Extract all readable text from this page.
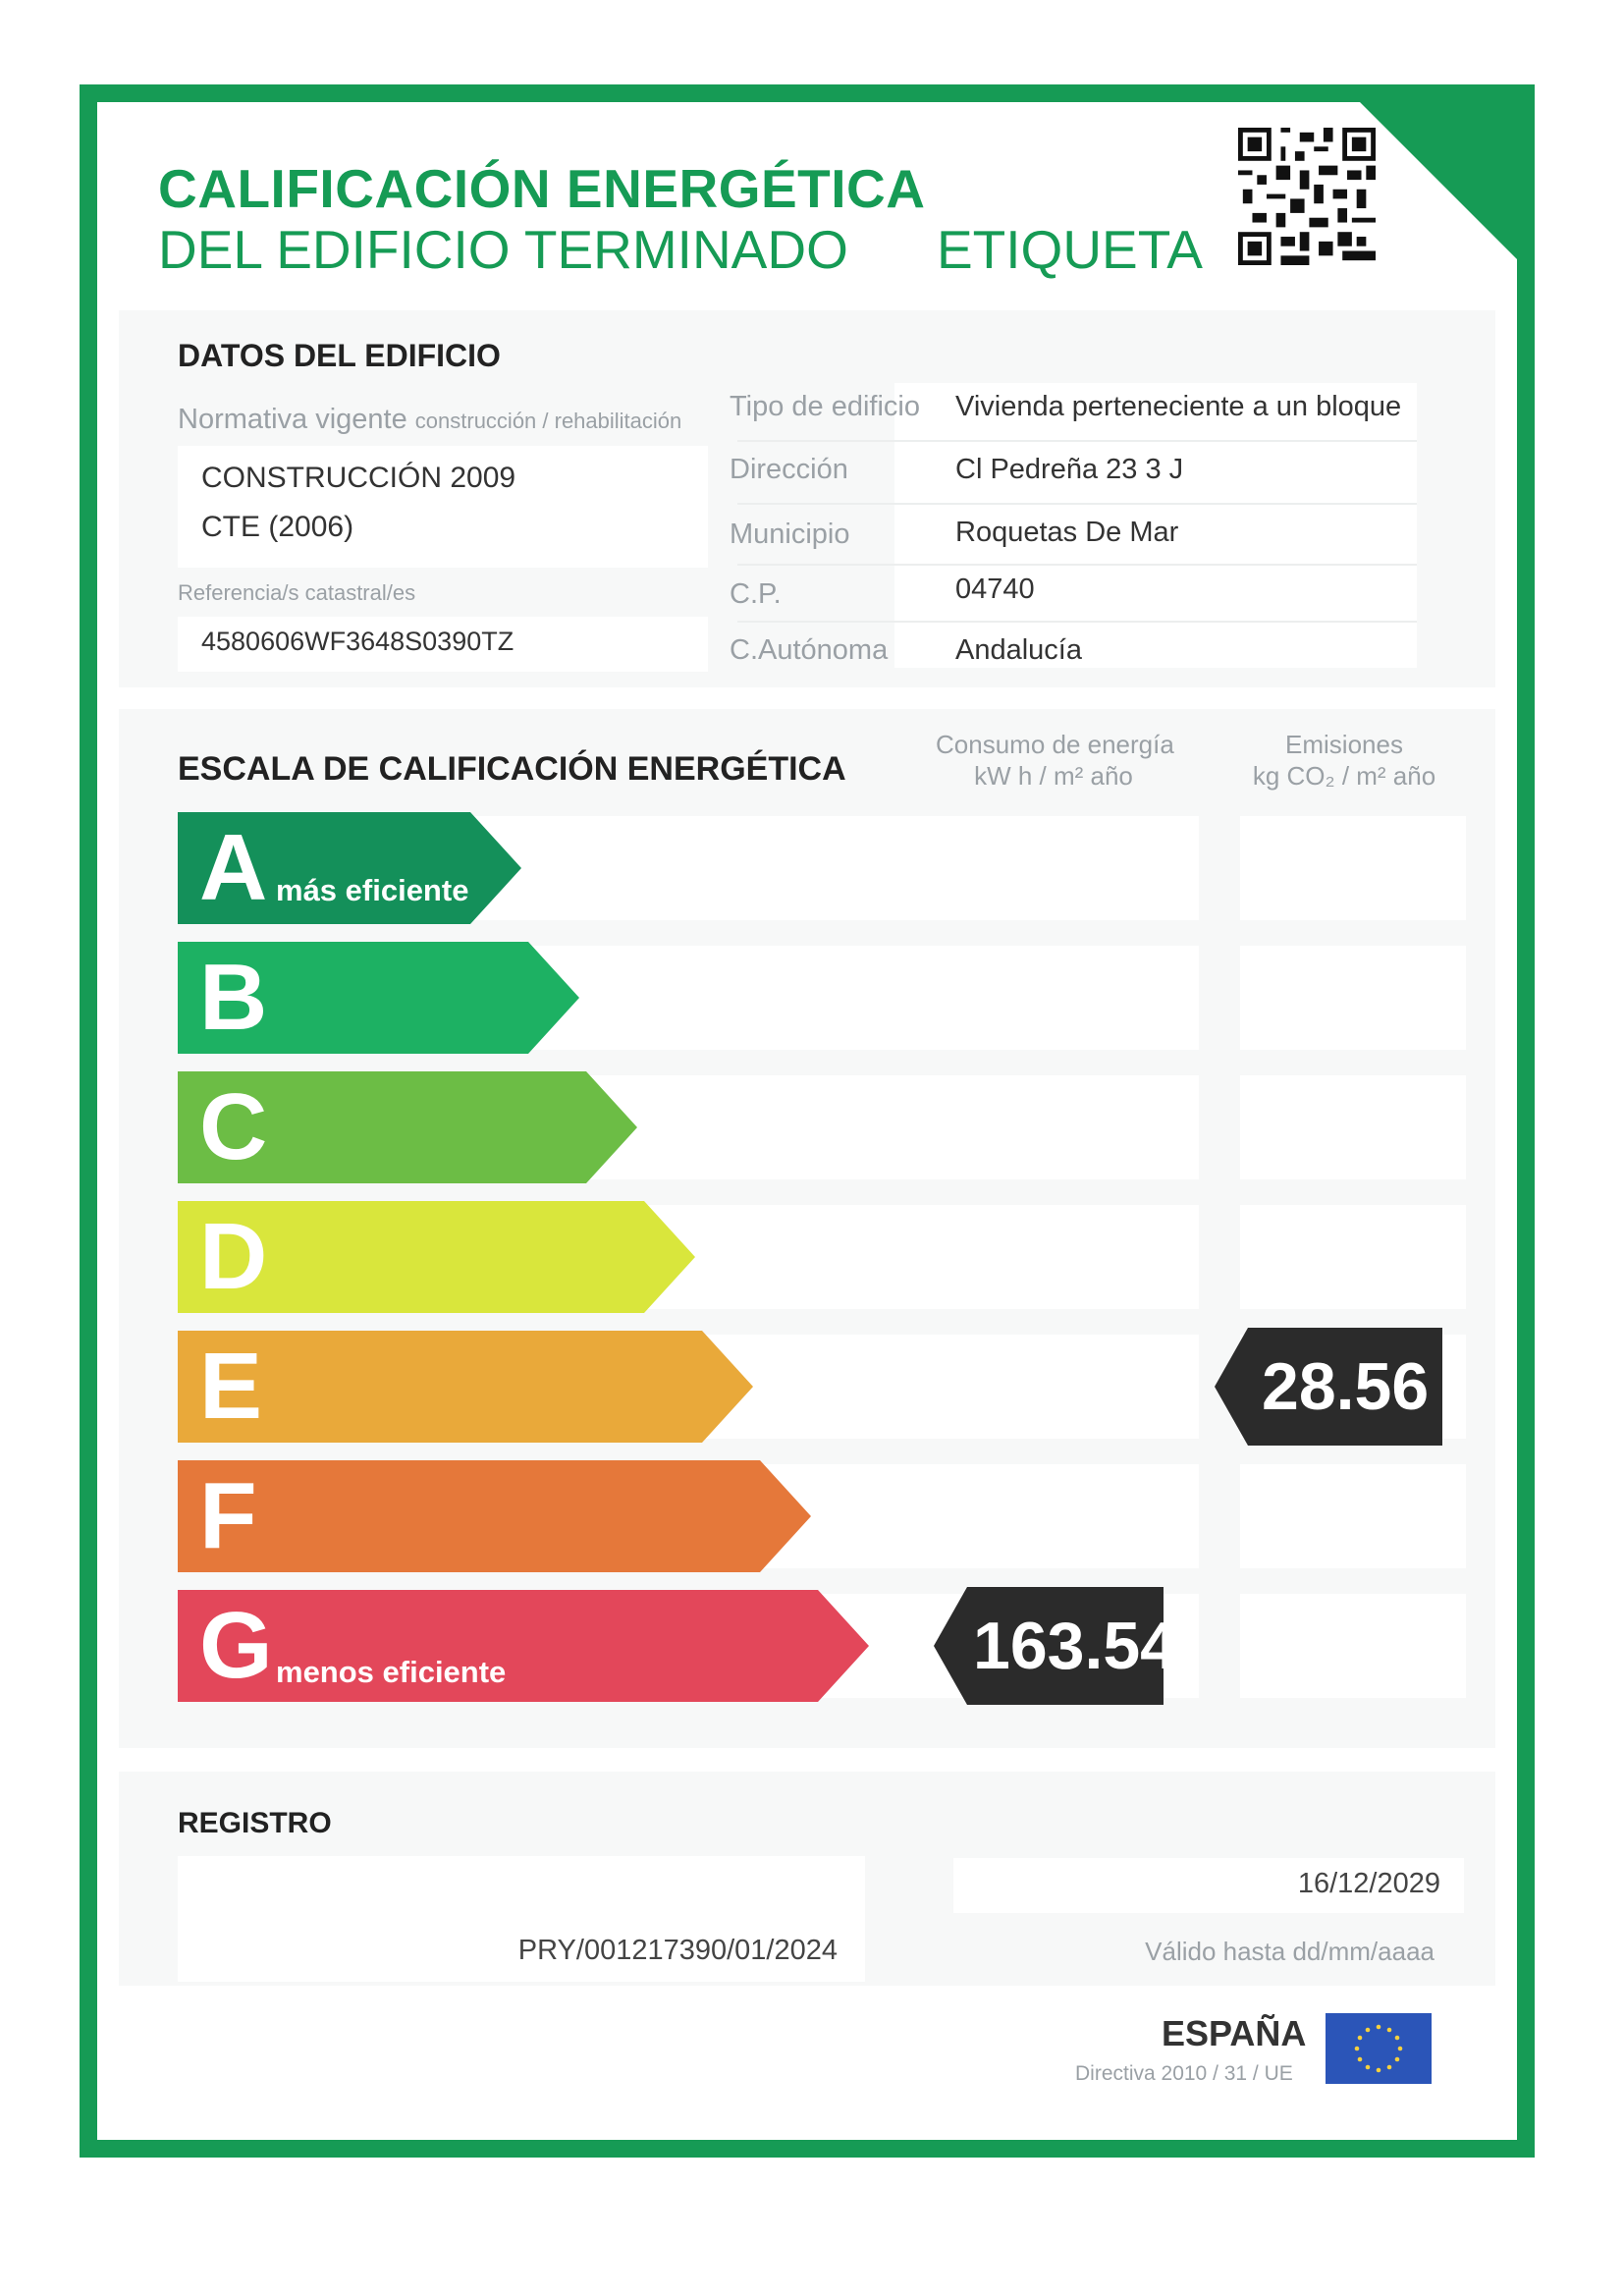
CALIFICACIÓN ENERGÉTICA
DEL EDIFICIO TERMINADO ETIQUETA
DATOS DEL EDIFICIO
Normativa vigente construcción / rehabilitación
CONSTRUCCIÓN 2009
CTE (2006)
Referencia/s catastral/es
4580606WF3648S0390TZ
Tipo de edificio Vivienda perteneciente a un bloque
Dirección	Cl Pedreña 23 3 J
Municipio	Roquetas De Mar
C.P.	04740
C.Autónoma Andalucía
ESCALA DE CALIFICACIÓN ENERGÉTICA
Consumo de energía
kW h / m² año
Emisiones
kg CO₂ / m² año
A más eficiente
B
C
D
E
F
G menos eficiente	163.54
28.56
REGISTRO
PRY/001217390/01/2024
16/12/2029
Válido hasta dd/mm/aaaa
ESPAÑA
Directiva 2010 / 31 / UE
